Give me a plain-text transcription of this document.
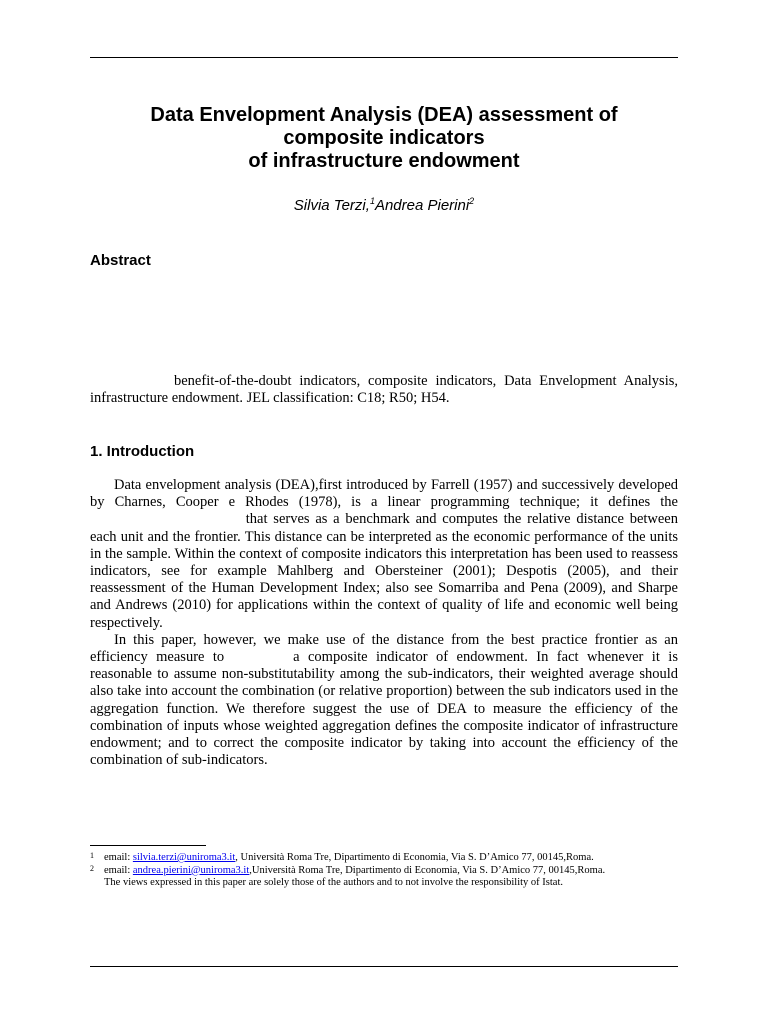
Data Envelopment Analysis (DEA) assessment of
composite indicators
of infrastructure endowment
Silvia Terzi,$^1$Andrea Pierini$^2$
Abstract
benefit-of-the-doubt indicators, composite indicators, Data Envelopment Analysis, infrastructure endowment. JEL classification: C18; R50; H54.
1. Introduction

Data envelopment analysis (DEA),first introduced by Farrell (1957) and successively developed by Charnes, Cooper e Rhodes (1978), is a linear programming technique; it defines the  that serves as a benchmark and computes the relative distance between each unit and the frontier. This distance can be interpreted as the economic performance of the units in the sample. Within the context of composite indicators this interpretation has been used to reassess indicators, see for example Mahlberg and Obersteiner (2001); Despotis (2005), and their reassessment of the Human Development Index; also see Somarriba and Pena (2009), and Sharpe and Andrews (2010) for applications within the context of quality of life and economic well being respectively.

In this paper, however, we make use of the distance from the best practice frontier as an efficiency measure to	a composite indicator of endowment. In fact whenever it is reasonable to assume non-substitutability among the sub-indicators, their weighted average should also take into account the combination (or relative proportion) between the sub indicators used in the aggregation function. We therefore suggest the use of DEA to measure the efficiency of the combination of inputs whose weighted aggregation defines the composite indicator of infrastructure endowment; and to correct the composite indicator by taking into account the efficiency of the combination of sub-indicators.

1 email: silvia.terzi@uniroma3.it, Università Roma Tre, Dipartimento di Economia, Via S. D’Amico 77, 00145,Roma.
2 email: andrea.pierini@uniroma3.it,Università Roma Tre, Dipartimento di Economia, Via S. D’Amico 77, 00145,Roma.
The views expressed in this paper are solely those of the authors and to not involve the responsibility of Istat.
